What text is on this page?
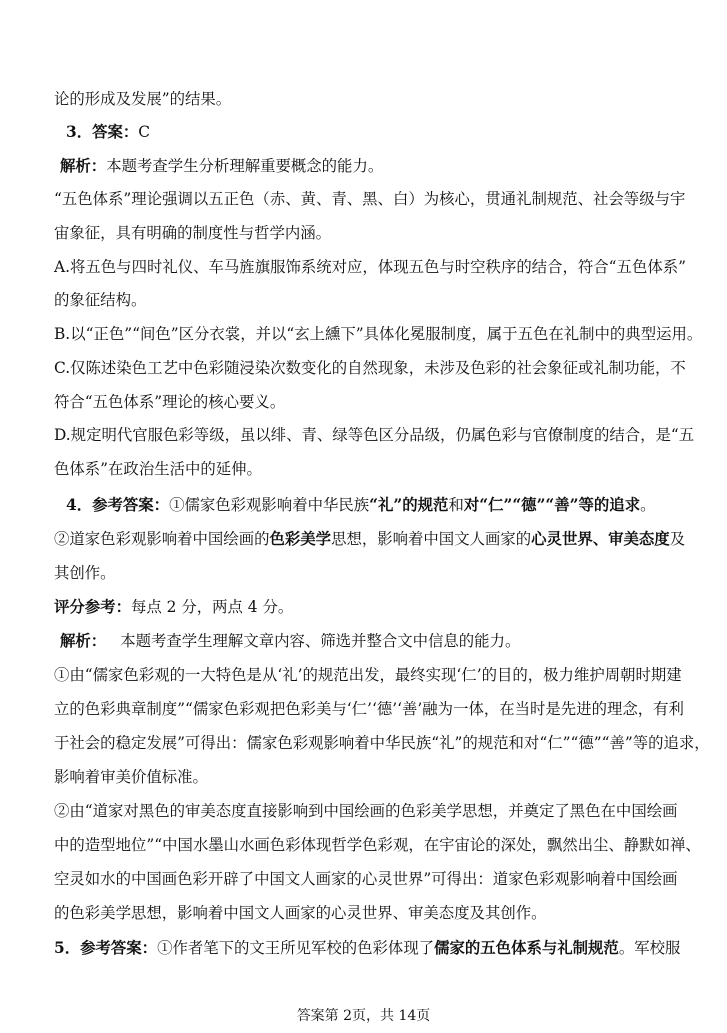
论的形成及发展”的结果。
3．答案：C
解析：本题考查学生分析理解重要概念的能力。
“五色体系”理论强调以五正色（赤、黄、青、黑、白）为核心，贯通礼制规范、社会等级与宇
宙象征，具有明确的制度性与哲学内涵。
A.将五色与四时礼仪、车马旌旗服饰系统对应，体现五色与时空秩序的结合，符合“五色体系”
的象征结构。
B.以“正色”“间色”区分衣裳，并以“玄上纁下”具体化冕服制度，属于五色在礼制中的典型运用。
C.仅陈述染色工艺中色彩随浸染次数变化的自然现象，未涉及色彩的社会象征或礼制功能，不
符合“五色体系”理论的核心要义。
D.规定明代官服色彩等级，虽以绯、青、绿等色区分品级，仍属色彩与官僚制度的结合，是“五
色体系”在政治生活中的延伸。
4．参考答案：①儒家色彩观影响着中华民族“礼”的规范和对“仁”“德”“善”等的追求。
②道家色彩观影响着中国绘画的色彩美学思想，影响着中国文人画家的心灵世界、审美态度及
其创作。
评分参考：每点 2 分，两点 4 分。
解析： 本题考查学生理解文章内容、筛选并整合文中信息的能力。
①由“儒家色彩观的一大特色是从‘礼’的规范出发，最终实现‘仁’的目的，极力维护周朝时期建
立的色彩典章制度”“儒家色彩观把色彩美与‘仁’‘德’‘善’融为一体，在当时是先进的理念，有利
于社会的稳定发展”可得出：儒家色彩观影响着中华民族“礼”的规范和对“仁”“德”“善”等的追求，
影响着审美价值标准。
②由“道家对黑色的审美态度直接影响到中国绘画的色彩美学思想，并奠定了黑色在中国绘画
中的造型地位”“中国水墨山水画色彩体现哲学色彩观，在宇宙论的深处，飘然出尘、静默如禅、
空灵如水的中国画色彩开辟了中国文人画家的心灵世界”可得出：道家色彩观影响着中国绘画
的色彩美学思想，影响着中国文人画家的心灵世界、审美态度及其创作。
5．参考答案：①作者笔下的文王所见军校的色彩体现了儒家的五色体系与礼制规范。军校服
答案第 2页，共 14页
